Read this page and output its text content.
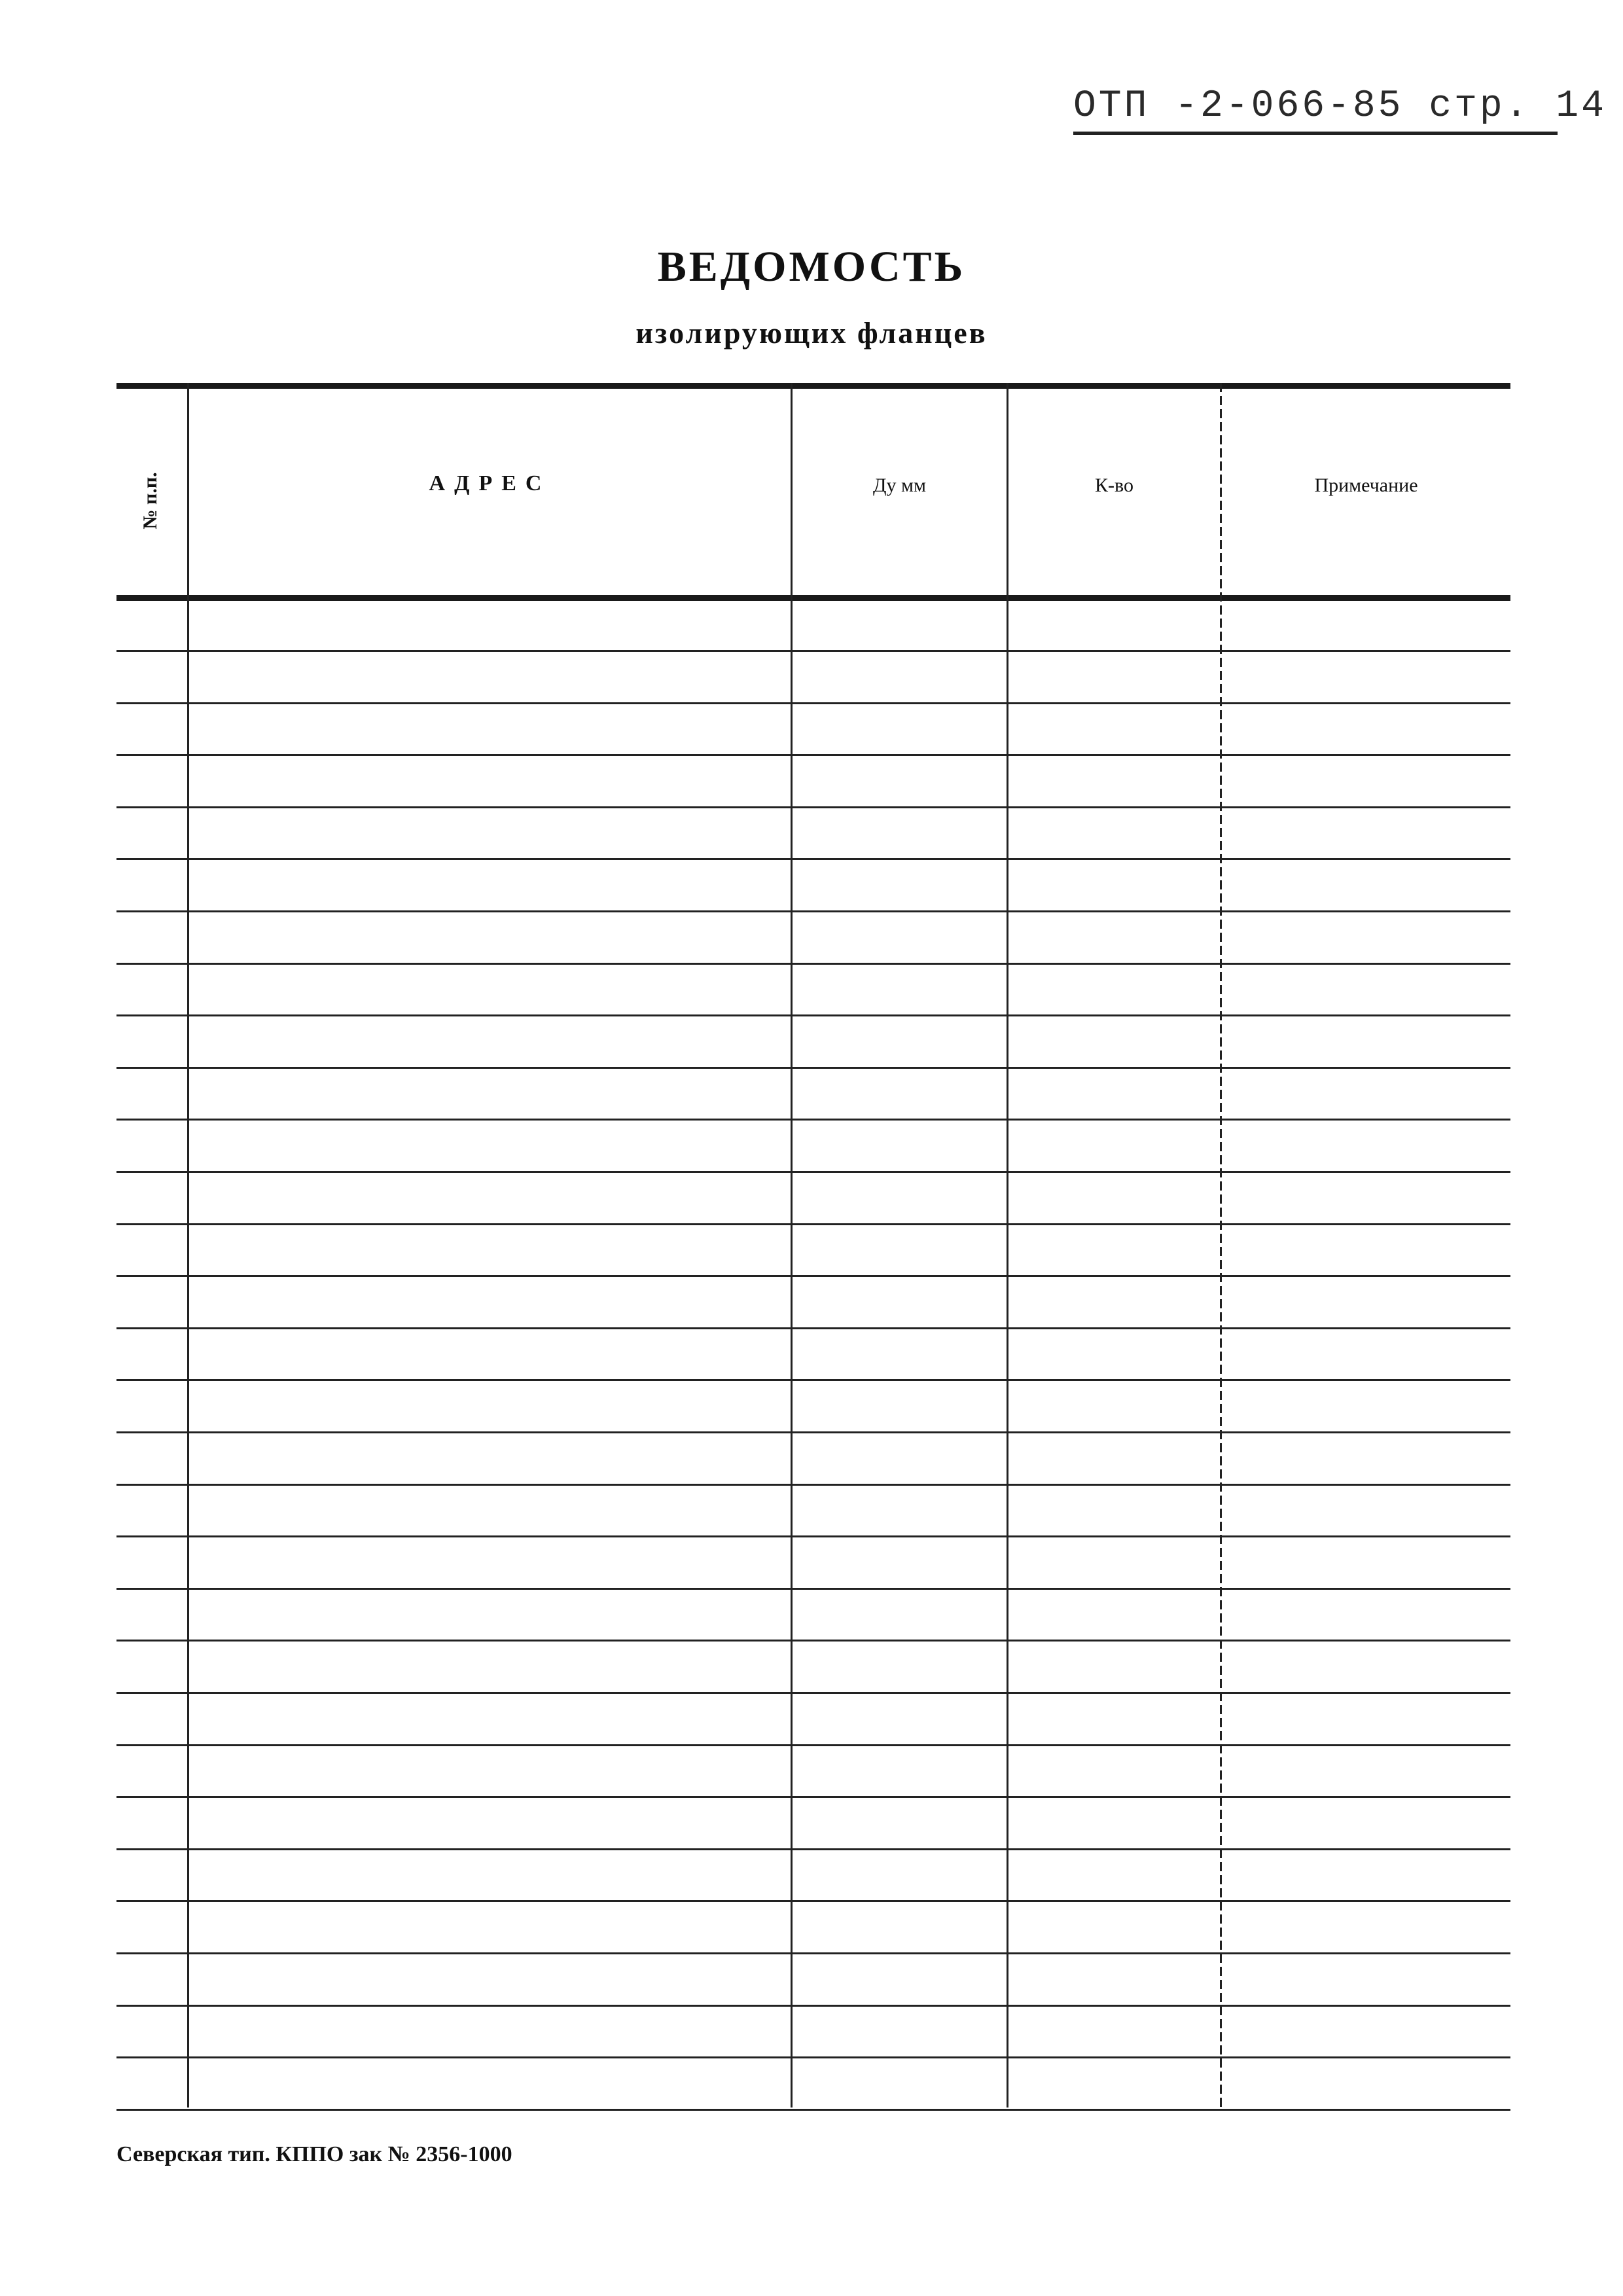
ОТП -2-066-85 стр. 14
ВЕДОМОСТЬ
изолирующих фланцев
№ п.п.	АДРЕС	Ду мм	К-во	Примечание
Северская тип. КППО зак № 2356-1000
